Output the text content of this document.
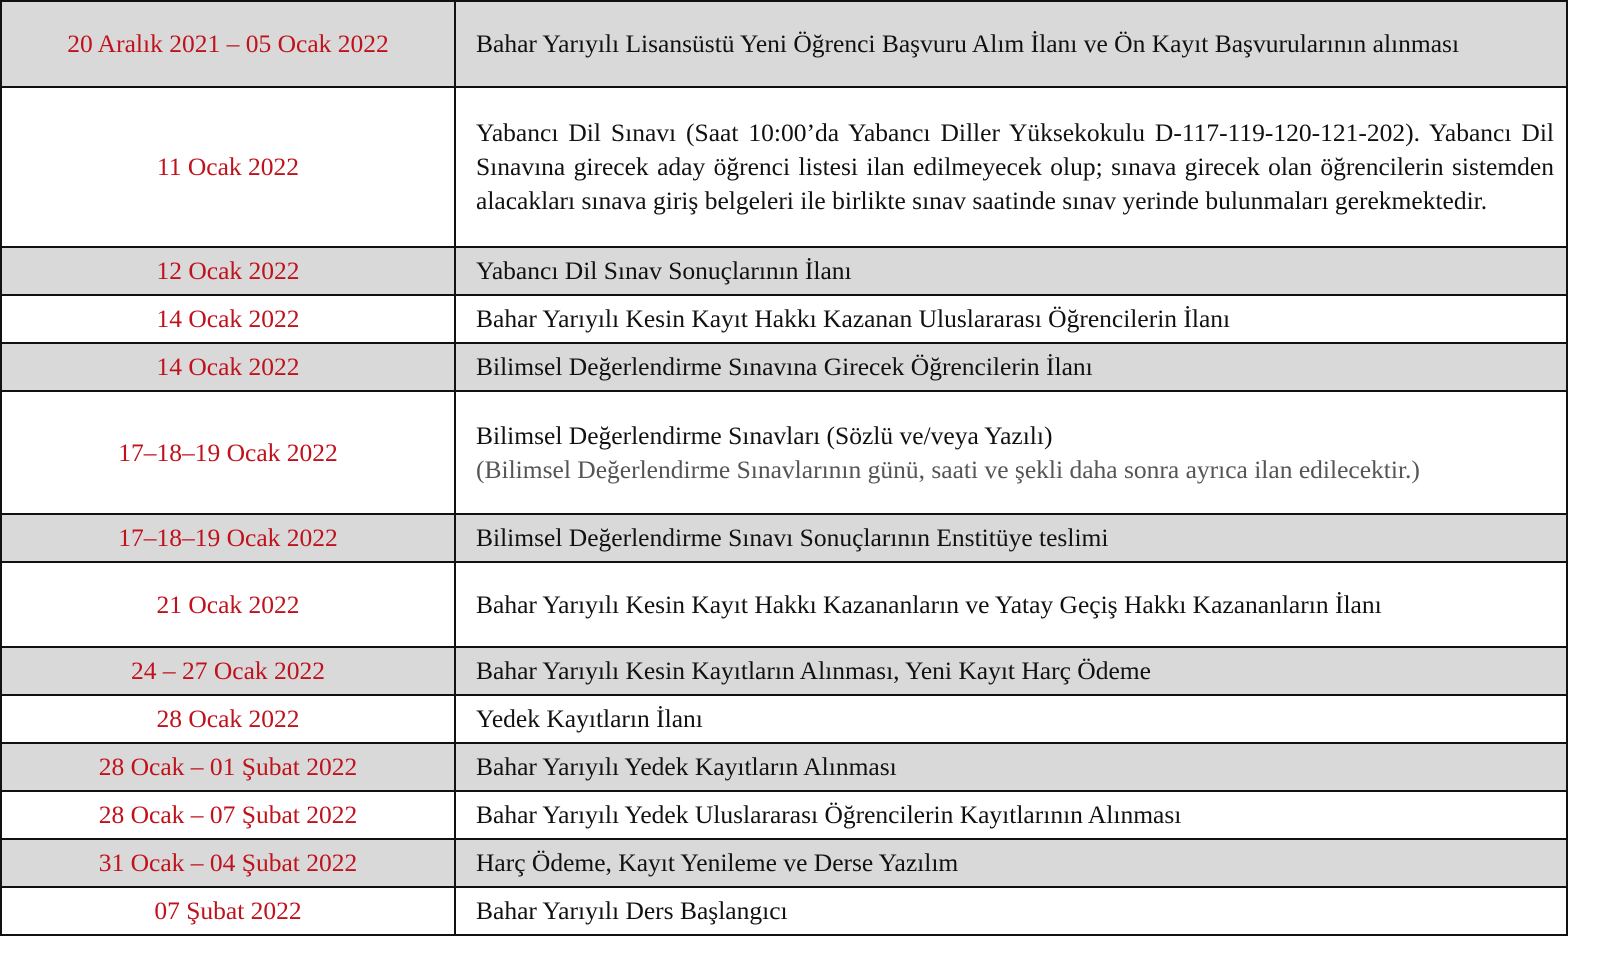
20 Aralık 2021 – 05 Ocak 2022	Bahar Yarıyılı Lisansüstü Yeni Öğrenci Başvuru Alım İlanı ve Ön Kayıt Başvurularının alınması
11 Ocak 2022	Yabancı Dil Sınavı (Saat 10:00’da Yabancı Diller Yüksekokulu D-117-119-120-121-202). Yabancı Dil Sınavına girecek aday öğrenci listesi ilan edilmeyecek olup; sınava girecek olan öğrencilerin sistemden alacakları sınava giriş belgeleri ile birlikte sınav saatinde sınav yerinde bulunmaları gerekmektedir.
12 Ocak 2022	Yabancı Dil Sınav Sonuçlarının İlanı
14 Ocak 2022	Bahar Yarıyılı Kesin Kayıt Hakkı Kazanan Uluslararası Öğrencilerin İlanı
14 Ocak 2022	Bilimsel Değerlendirme Sınavına Girecek Öğrencilerin İlanı
17–18–19 Ocak 2022	Bilimsel Değerlendirme Sınavları (Sözlü ve/veya Yazılı)
(Bilimsel Değerlendirme Sınavlarının günü, saati ve şekli daha sonra ayrıca ilan edilecektir.)

17–18–19 Ocak 2022	Bilimsel Değerlendirme Sınavı Sonuçlarının Enstitüye teslimi
21 Ocak 2022	Bahar Yarıyılı Kesin Kayıt Hakkı Kazananların ve Yatay Geçiş Hakkı Kazananların İlanı
24 – 27 Ocak 2022	Bahar Yarıyılı Kesin Kayıtların Alınması, Yeni Kayıt Harç Ödeme
28 Ocak 2022	Yedek Kayıtların İlanı
28 Ocak – 01 Şubat 2022	Bahar Yarıyılı Yedek Kayıtların Alınması
28 Ocak – 07 Şubat 2022	Bahar Yarıyılı Yedek Uluslararası Öğrencilerin Kayıtlarının Alınması
31 Ocak – 04 Şubat 2022	Harç Ödeme, Kayıt Yenileme ve Derse Yazılım
07 Şubat 2022	Bahar Yarıyılı Ders Başlangıcı
